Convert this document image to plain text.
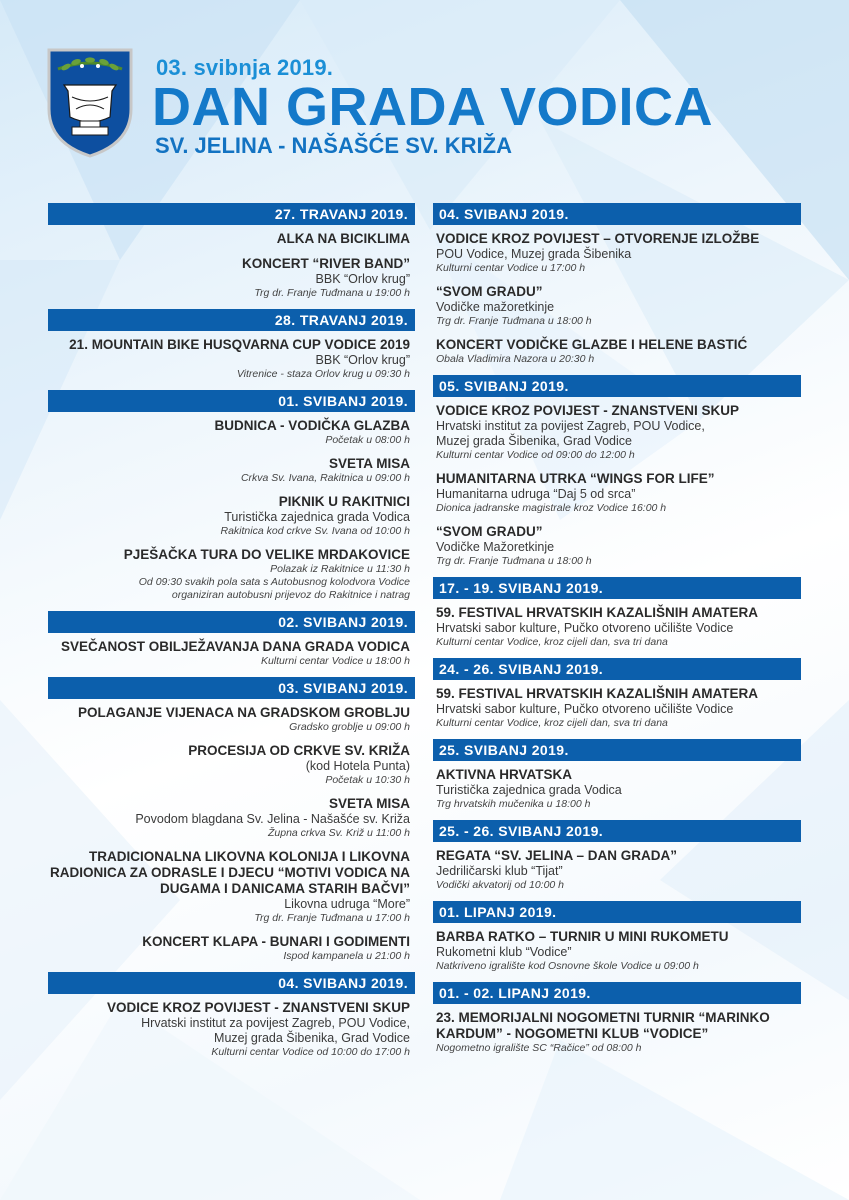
03. svibnja 2019.
DAN GRADA VODICA
SV. JELINA - NAŠAŠĆE SV. KRIŽA
27. TRAVANJ 2019.
ALKA NA BICIKLIMA
KONCERT “RIVER BAND”
BBK “Orlov krug”
Trg dr. Franje Tuđmana u 19:00 h
28. TRAVANJ 2019.
21. MOUNTAIN BIKE HUSQVARNA CUP VODICE 2019
BBK “Orlov krug”
Vitrenice - staza Orlov krug u 09:30 h
01. SVIBANJ 2019.
BUDNICA - VODIČKA GLAZBA
Početak u 08:00 h
SVETA MISA
Crkva Sv. Ivana, Rakitnica u 09:00 h
PIKNIK U RAKITNICI
Turistička zajednica grada Vodica
Rakitnica kod crkve Sv. Ivana od 10:00 h
PJEŠAČKA TURA DO VELIKE MRDAKOVICE
Polazak iz Rakitnice u 11:30 h
Od 09:30 svakih pola sata s Autobusnog kolodvora Vodice
organiziran autobusni prijevoz do Rakitnice i natrag
02. SVIBANJ 2019.
SVEČANOST OBILJEŽAVANJA DANA GRADA VODICA
Kulturni centar Vodice u 18:00 h
03. SVIBANJ 2019.
POLAGANJE VIJENACA NA GRADSKOM GROBLJU
Gradsko groblje u 09:00 h
PROCESIJA OD CRKVE SV. KRIŽA
(kod Hotela Punta)
Početak u 10:30 h
SVETA MISA
Povodom blagdana Sv. Jelina - Našašće sv. Križa
Župna crkva Sv. Križ u 11:00 h
TRADICIONALNA LIKOVNA KOLONIJA I LIKOVNA RADIONICA ZA ODRASLE I DJECU “MOTIVI VODICA NA DUGAMA I DANICAMA STARIH BAČVI”
Likovna udruga “More”
Trg dr. Franje Tuđmana u 17:00 h
KONCERT KLAPA - BUNARI I GODIMENTI
Ispod kampanela u 21:00 h
04. SVIBANJ 2019.
VODICE KROZ POVIJEST - ZNANSTVENI SKUP
Hrvatski institut za povijest Zagreb, POU Vodice,
Muzej grada Šibenika, Grad Vodice
Kulturni centar Vodice od 10:00 do 17:00 h
04. SVIBANJ 2019.
VODICE KROZ POVIJEST – OTVORENJE IZLOŽBE
POU Vodice, Muzej grada Šibenika
Kulturni centar Vodice u 17:00 h
“SVOM GRADU”
Vodičke mažoretkinje
Trg dr. Franje Tuđmana u 18:00 h
KONCERT VODIČKE GLAZBE I HELENE BASTIĆ
Obala Vladimira Nazora u 20:30 h
05. SVIBANJ 2019.
VODICE KROZ POVIJEST - ZNANSTVENI SKUP
Hrvatski institut za povijest Zagreb, POU Vodice,
Muzej grada Šibenika, Grad Vodice
Kulturni centar Vodice od 09:00 do 12:00 h
HUMANITARNA UTRKA “WINGS FOR LIFE”
Humanitarna udruga “Daj 5 od srca”
Dionica jadranske magistrale kroz Vodice 16:00 h
“SVOM GRADU”
Vodičke Mažoretkinje
Trg dr. Franje Tuđmana u 18:00 h
17. - 19. SVIBANJ 2019.
59. FESTIVAL HRVATSKIH KAZALIŠNIH AMATERA
Hrvatski sabor kulture, Pučko otvoreno učilište Vodice
Kulturni centar Vodice, kroz cijeli dan, sva tri dana
24. - 26. SVIBANJ 2019.
59. FESTIVAL HRVATSKIH KAZALIŠNIH AMATERA
Hrvatski sabor kulture, Pučko otvoreno učilište Vodice
Kulturni centar Vodice, kroz cijeli dan, sva tri dana
25. SVIBANJ 2019.
AKTIVNA HRVATSKA
Turistička zajednica grada Vodica
Trg hrvatskih mučenika u 18:00 h
25. - 26. SVIBANJ 2019.
REGATA “SV. JELINA – DAN GRADA”
Jedriličarski klub “Tijat”
Vodički akvatorij od 10:00 h
01. LIPANJ 2019.
BARBA RATKO – TURNIR U MINI RUKOMETU
Rukometni klub “Vodice”
Natkriveno igralište kod Osnovne škole Vodice u 09:00 h
01. - 02. LIPANJ 2019.
23. MEMORIJALNI NOGOMETNI TURNIR “MARINKO KARDUM” - NOGOMETNI KLUB “VODICE”
Nogometno igralište SC “Račice” od 08:00 h
